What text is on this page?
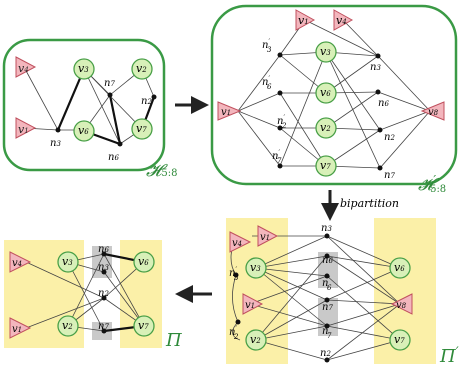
v4
v1
v3
v6
v2
v7
n3
n7
n2
n6
𝓗5:8
v1 v4
v1	v8
v3
v6
v2
v7
n′ 3
n′ 6
n′ 2
n′ 7
n3
n6
n2
n7 𝓗′ 5:8
bipartition
v4
v1
v1	v8
v3
v2
v6
v7
n3
n6
n′ 6
n7
n′ 7
n2
n′ 3
n′ 2
Π′
v4
v1
v3
v2
v6
v7
n6
n3
n2
n7
Π
